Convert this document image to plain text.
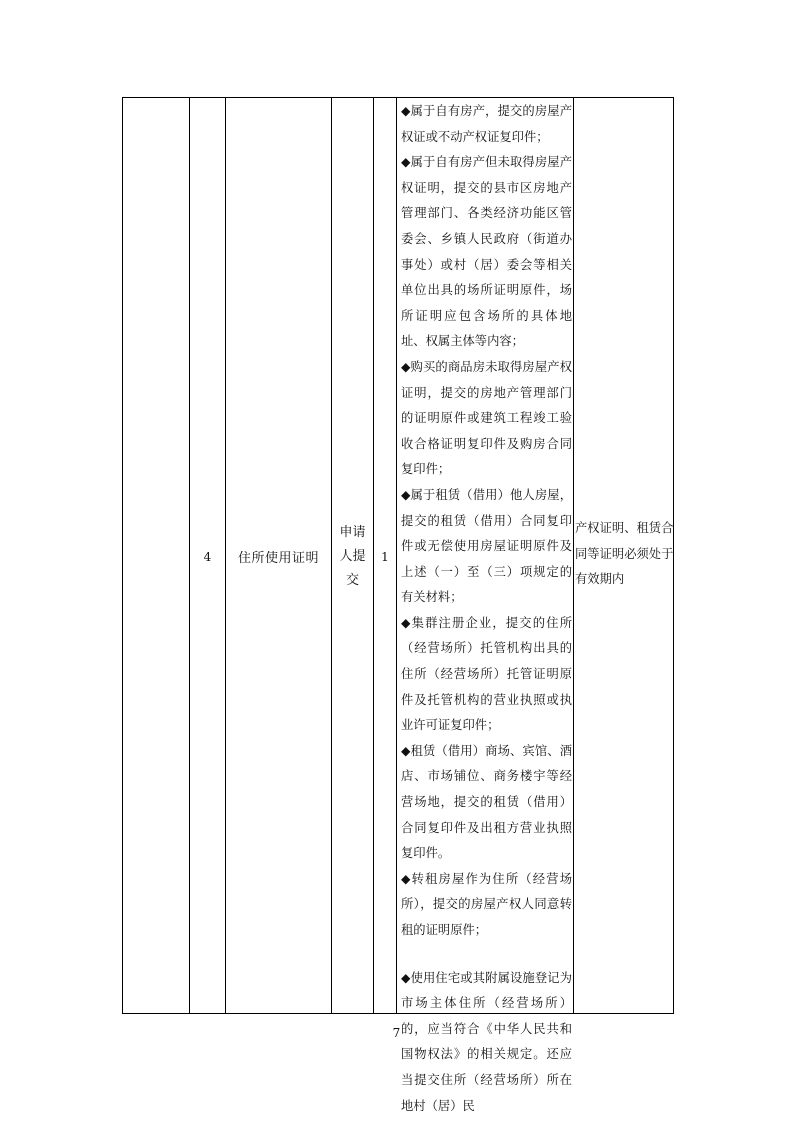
4	住所使用证明
申请人提交
1

◆属于自有房产，提交的房屋产权证或不动产权证复印件；

◆属于自有房产但未取得房屋产权证明，提交的县市区房地产管理部门、各类经济功能区管委会、乡镇人民政府（街道办事处）或村（居）委会等相关单位出具的场所证明原件，场所证明应包含场所的具体地址、权属主体等内容；

◆购买的商品房未取得房屋产权证明，提交的房地产管理部门的证明原件或建筑工程竣工验收合格证明复印件及购房合同复印件；

◆属于租赁（借用）他人房屋，提交的租赁（借用）合同复印件或无偿使用房屋证明原件及上述（一）至（三）项规定的有关材料；

◆集群注册企业，提交的住所（经营场所）托管机构出具的住所（经营场所）托管证明原件及托管机构的营业执照或执业许可证复印件；

◆租赁（借用）商场、宾馆、酒店、市场铺位、商务楼宇等经营场地，提交的租赁（借用）合同复印件及出租方营业执照复印件。

◆转租房屋作为住所（经营场所），提交的房屋产权人同意转租的证明原件；

◆使用住宅或其附属设施登记为市场主体住所（经营场所）的，应当符合《中华人民共和国物权法》的相关规定。还应当提交住所（经营场所）所在地村（居）民

产权证明、租赁合同等证明必须处于有效期内
7
